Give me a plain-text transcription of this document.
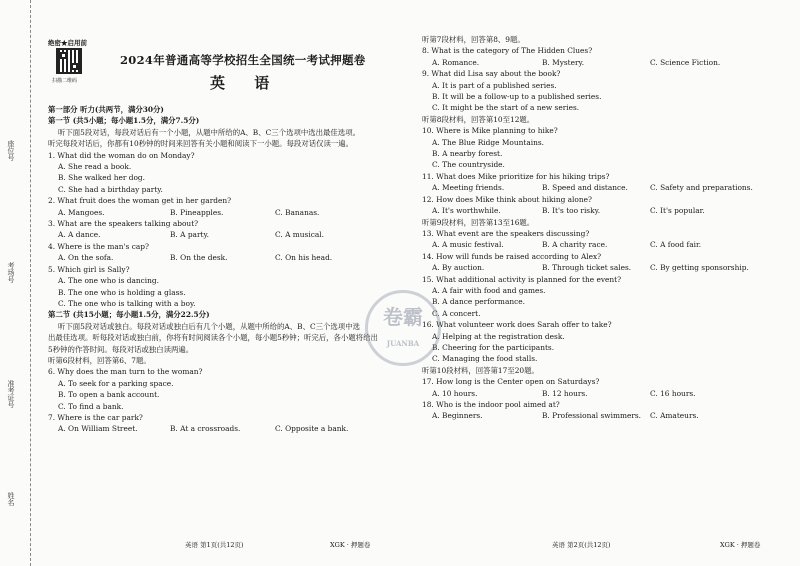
座位号
考场号
准考证号
姓名
绝密★启用前
扫描二维码
2024年普通高等学校招生全国统一考试押题卷
英 语

第一部分 听力(共两节，满分30分)

第一节 (共5小题；每小题1.5分，满分7.5分)

听下面5段对话，每段对话后有一个小题，从题中所给的A、B、C三个选项中选出最佳选项。

听完每段对话后，你都有10秒钟的时间来回答有关小题和阅读下一小题。每段对话仅读一遍。

1. What did the woman do on Monday?

A. She read a book.

B. She walked her dog.

C. She had a birthday party.

2. What fruit does the woman get in her garden?

A. Mangoes.	B. Pineapples.	C. Bananas.

3. What are the speakers talking about?

A. A dance.	B. A party.	C. A musical.

4. Where is the man's cap?

A. On the sofa.	B. On the desk.	C. On his head.

5. Which girl is Sally?

A. The one who is dancing.

B. The one who is holding a glass.

C. The one who is talking with a boy.

第二节 (共15小题；每小题1.5分，满分22.5分)

听下面5段对话或独白。每段对话或独白后有几个小题，从题中所给的A、B、C三个选项中选

出最佳选项。听每段对话或独白前，你将有时间阅读各个小题，每小题5秒钟；听完后，各小题将给出

5秒钟的作答时间。每段对话或独白读两遍。

听第6段材料，回答第6、7题。

6. Why does the man turn to the woman?

A. To seek for a parking space.

B. To open a bank account.

C. To find a bank.

7. Where is the car park?

A. On William Street.	B. At a crossroads.	C. Opposite a bank.

英语 第1页(共12页)	XGK · 押题卷

听第7段材料，回答第8、9题。

8. What is the category of The Hidden Clues?

A. Romance.	B. Mystery.	C. Science Fiction.

9. What did Lisa say about the book?

A. It is part of a published series.

B. It will be a follow-up to a published series.

C. It might be the start of a new series.

听第8段材料，回答第10至12题。

10. Where is Mike planning to hike?

A. The Blue Ridge Mountains.

B. A nearby forest.

C. The countryside.

11. What does Mike prioritize for his hiking trips?

A. Meeting friends.	B. Speed and distance.	C. Safety and preparations.

12. How does Mike think about hiking alone?

A. It's worthwhile.	B. It's too risky.	C. It's popular.

听第9段材料，回答第13至16题。

13. What event are the speakers discussing?

A. A music festival.	B. A charity race.	C. A food fair.

14. How will funds be raised according to Alex?

A. By auction.	B. Through ticket sales.	C. By getting sponsorship.

15. What additional activity is planned for the event?

A. A fair with food and games.

B. A dance performance.

C. A concert.

16. What volunteer work does Sarah offer to take?

A. Helping at the registration desk.

B. Cheering for the participants.

C. Managing the food stalls.

听第10段材料，回答第17至20题。

17. How long is the Center open on Saturdays?

A. 10 hours.	B. 12 hours.	C. 16 hours.

18. Who is the indoor pool aimed at?

A. Beginners.	B. Professional swimmers.	C. Amateurs.

英语 第2页(共12页)	XGK · 押题卷
卷霸
JUANBA
